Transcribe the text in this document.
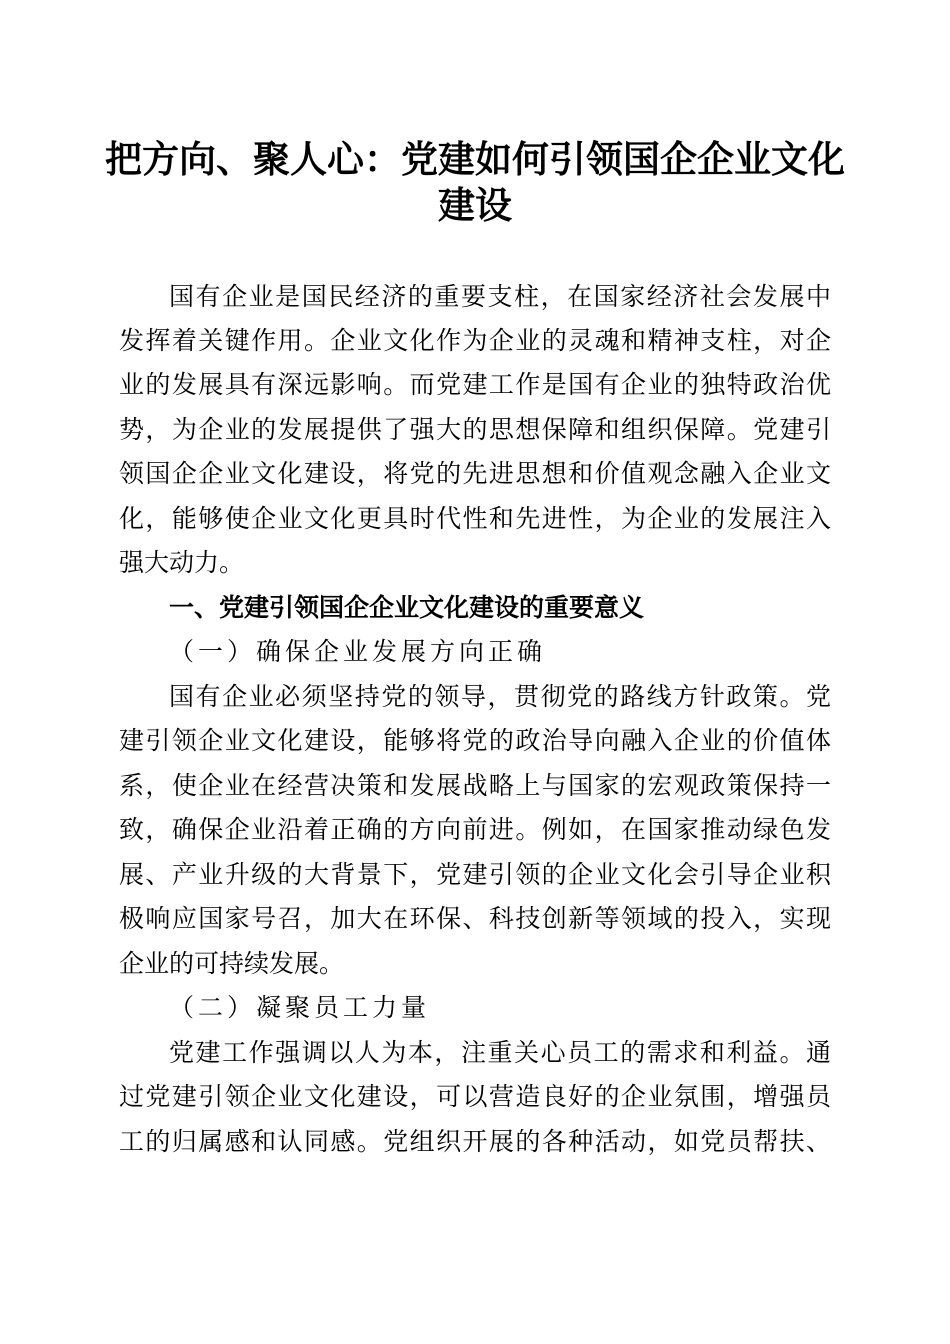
把方向、聚人心：党建如何引领国企企业文化
建设
国有企业是国民经济的重要支柱，在国家经济社会发展中
发挥着关键作用。企业文化作为企业的灵魂和精神支柱，对企
业的发展具有深远影响。而党建工作是国有企业的独特政治优
势，为企业的发展提供了强大的思想保障和组织保障。党建引
领国企企业文化建设，将党的先进思想和价值观念融入企业文
化，能够使企业文化更具时代性和先进性，为企业的发展注入
强大动力。
一、党建引领国企企业文化建设的重要意义
（一）确保企业发展方向正确
国有企业必须坚持党的领导，贯彻党的路线方针政策。党
建引领企业文化建设，能够将党的政治导向融入企业的价值体
系，使企业在经营决策和发展战略上与国家的宏观政策保持一
致，确保企业沿着正确的方向前进。例如，在国家推动绿色发
展、产业升级的大背景下，党建引领的企业文化会引导企业积
极响应国家号召，加大在环保、科技创新等领域的投入，实现
企业的可持续发展。
（二）凝聚员工力量
党建工作强调以人为本，注重关心员工的需求和利益。通
过党建引领企业文化建设，可以营造良好的企业氛围，增强员
工的归属感和认同感。党组织开展的各种活动，如党员帮扶、
